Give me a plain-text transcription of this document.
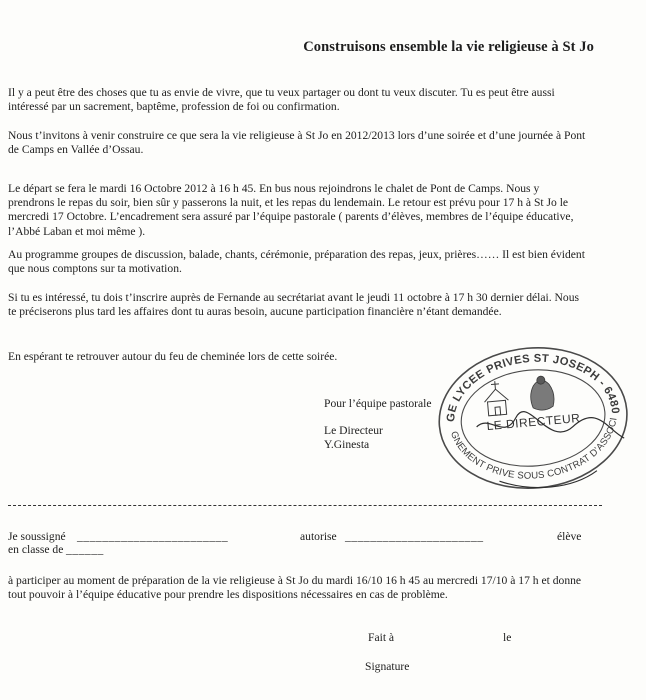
Construisons ensemble la vie religieuse à St Jo

Il y a peut être des choses que tu as envie de vivre, que tu veux partager ou dont tu veux discuter. Tu es peut être aussi intéressé par un sacrement, baptême, profession de foi ou confirmation.

Nous t’invitons à venir construire ce que sera la vie religieuse à St Jo en 2012/2013 lors d’une soirée et d’une journée à Pont de Camps en Vallée d’Ossau.

Le départ se fera le mardi 16 Octobre 2012 à 16 h 45. En bus nous rejoindrons le chalet de Pont de Camps. Nous y prendrons le repas du soir, bien sûr y passerons la nuit, et les repas du lendemain. Le retour est prévu pour 17 h à St Jo le mercredi 17 Octobre. L’encadrement sera assuré par l’équipe pastorale ( parents d’élèves, membres de l’équipe éducative, l’Abbé Laban et moi même ).

Au programme groupes de discussion, balade, chants, cérémonie, préparation des repas, jeux, prières…… Il est bien évident que nous comptons sur ta motivation.

Si tu es intéressé, tu dois t’inscrire auprès de Fernande au secrétariat avant le jeudi 11 octobre à 17 h 30 dernier délai. Nous te préciserons plus tard les affaires dont tu auras besoin, aucune participation financière n’étant demandée.

En espérant te retrouver autour du feu de cheminée lors de cette soirée.

Pour l’équipe pastorale
Le Directeur
Y.Ginesta
COLLEGE LYCEE PRIVES ST JOSEPH - 64800
ENSEIGNEMENT PRIVE SOUS CONTRAT D’ASSOCIATION
LE DIRECTEUR
Je soussigné ________________________	autorise ______________________	élève
en classe de ______

à participer au moment de préparation de la vie religieuse à St Jo du mardi 16/10 16 h 45 au mercredi 17/10 à 17 h et donne tout pouvoir à l’équipe éducative pour prendre les dispositions nécessaires en cas de problème.

Fait à	le
Signature
